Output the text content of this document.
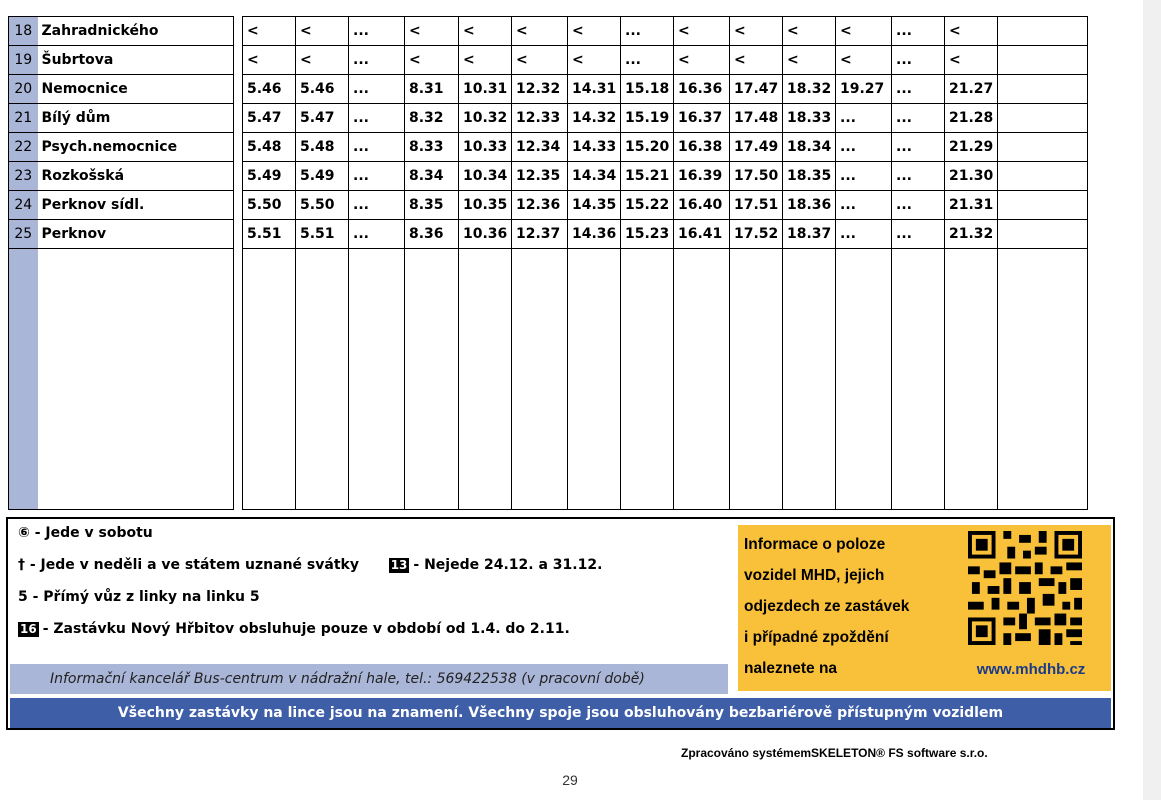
18	Zahradnického		<	<	...	<	<	<	<	...	<	<	<	<	...	<	
19	Šubrtova		<	<	...	<	<	<	<	...	<	<	<	<	...	<	
20	Nemocnice		5.46	5.46	...	8.31	10.31	12.32	14.31	15.18	16.36	17.47	18.32	19.27	...	21.27	
21	Bílý dům		5.47	5.47	...	8.32	10.32	12.33	14.32	15.19	16.37	17.48	18.33	...	...	21.28	
22	Psych.nemocnice		5.48	5.48	...	8.33	10.33	12.34	14.33	15.20	16.38	17.49	18.34	...	...	21.29	
23	Rozkošská		5.49	5.49	...	8.34	10.34	12.35	14.34	15.21	16.39	17.50	18.35	...	...	21.30	
24	Perknov sídl.		5.50	5.50	...	8.35	10.35	12.36	14.35	15.22	16.40	17.51	18.36	...	...	21.31	
25	Perknov		5.51	5.51	...	8.36	10.36	12.37	14.36	15.23	16.41	17.52	18.37	...	...	21.32	

⑥ - Jede v sobotu
† - Jede v neděli a ve státem uznané svátky	13 - Nejede 24.12. a 31.12.
5 - Přímý vůz z linky na linku 5
16 - Zastávku Nový Hřbitov obsluhuje pouze v období od 1.4. do 2.11.
Informační kancelář Bus-centrum v nádražní hale, tel.: 569422538 (v pracovní době)
Všechny zastávky na lince jsou na znamení. Všechny spoje jsou obsluhovány bezbariérově přístupným vozidlem
Informace o poloze
vozidel MHD, jejich
odjezdech ze zastávek
i případné zpoždění
naleznete na	www.mhdhb.cz
Zpracováno systémemSKELETON® FS software s.r.o.
29
